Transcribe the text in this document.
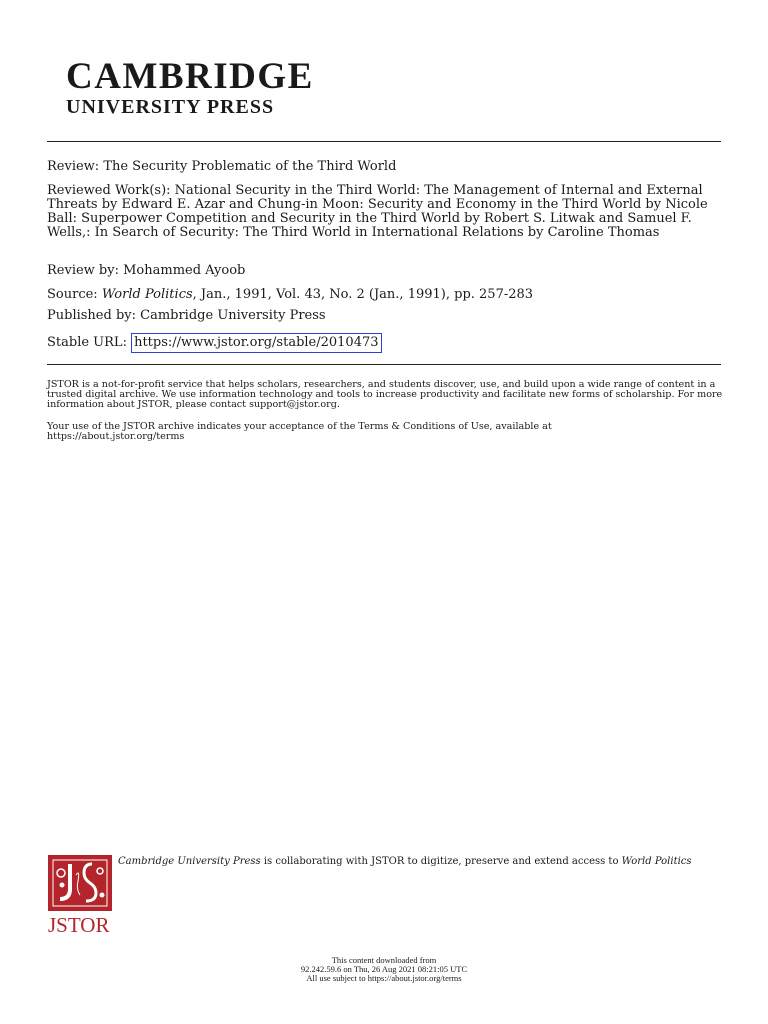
CAMBRIDGE
UNIVERSITY PRESS

Review: The Security Problematic of the Third World

Reviewed Work(s): National Security in the Third World: The Management of Internal and External Threats by Edward E. Azar and Chung-in Moon: Security and Economy in the Third World by Nicole Ball: Superpower Competition and Security in the Third World by Robert S. Litwak and Samuel F. Wells,: In Search of Security: The Third World in International Relations by Caroline Thomas

Review by: Mohammed Ayoob

Source: World Politics, Jan., 1991, Vol. 43, No. 2 (Jan., 1991), pp. 257-283

Published by: Cambridge University Press

Stable URL: https://www.jstor.org/stable/2010473

JSTOR is a not-for-profit service that helps scholars, researchers, and students discover, use, and build upon a wide range of content in a trusted digital archive. We use information technology and tools to increase productivity and facilitate new forms of scholarship. For more information about JSTOR, please contact support@jstor.org.
Your use of the JSTOR archive indicates your acceptance of the Terms & Conditions of Use, available at https://about.jstor.org/terms
JSTOR
Cambridge University Press is collaborating with JSTOR to digitize, preserve and extend access to World Politics
This content downloaded from
92.242.59.6 on Thu, 26 Aug 2021 08:21:05 UTC
All use subject to https://about.jstor.org/terms
